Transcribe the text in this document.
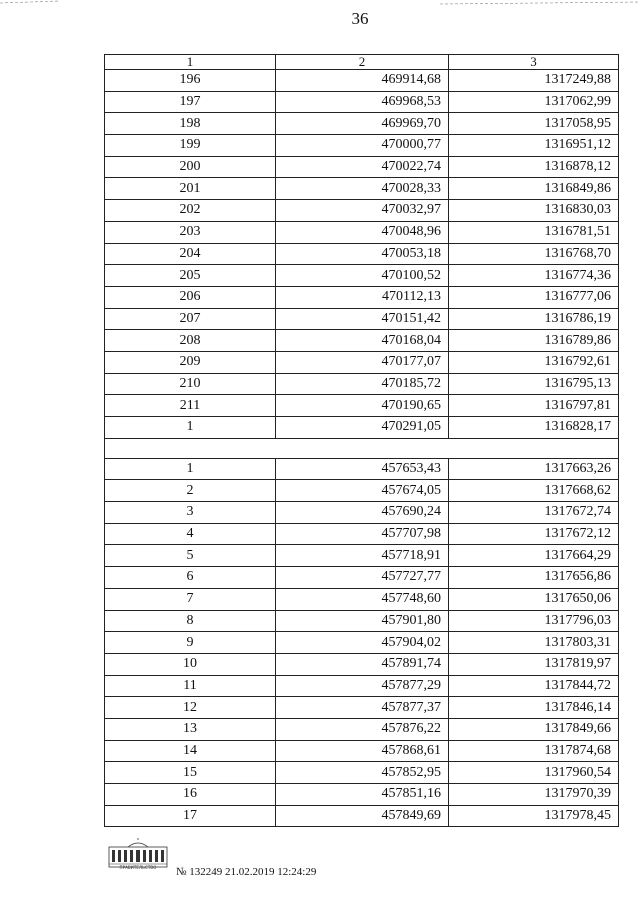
36
1	2	3
196	469914,68	1317249,88
197	469968,53	1317062,99
198	469969,70	1317058,95
199	470000,77	1316951,12
200	470022,74	1316878,12
201	470028,33	1316849,86
202	470032,97	1316830,03
203	470048,96	1316781,51
204	470053,18	1316768,70
205	470100,52	1316774,36
206	470112,13	1316777,06
207	470151,42	1316786,19
208	470168,04	1316789,86
209	470177,07	1316792,61
210	470185,72	1316795,13
211	470190,65	1316797,81
1	470291,05	1316828,17

1	457653,43	1317663,26
2	457674,05	1317668,62
3	457690,24	1317672,74
4	457707,98	1317672,12
5	457718,91	1317664,29
6	457727,77	1317656,86
7	457748,60	1317650,06
8	457901,80	1317796,03
9	457904,02	1317803,31
10	457891,74	1317819,97
11	457877,29	1317844,72
12	457877,37	1317846,14
13	457876,22	1317849,66
14	457868,61	1317874,68
15	457852,95	1317960,54
16	457851,16	1317970,39
17	457849,69	1317978,45
ПРАВИТЕЛЬСТВО	№ 132249 21.02.2019 12:24:29
